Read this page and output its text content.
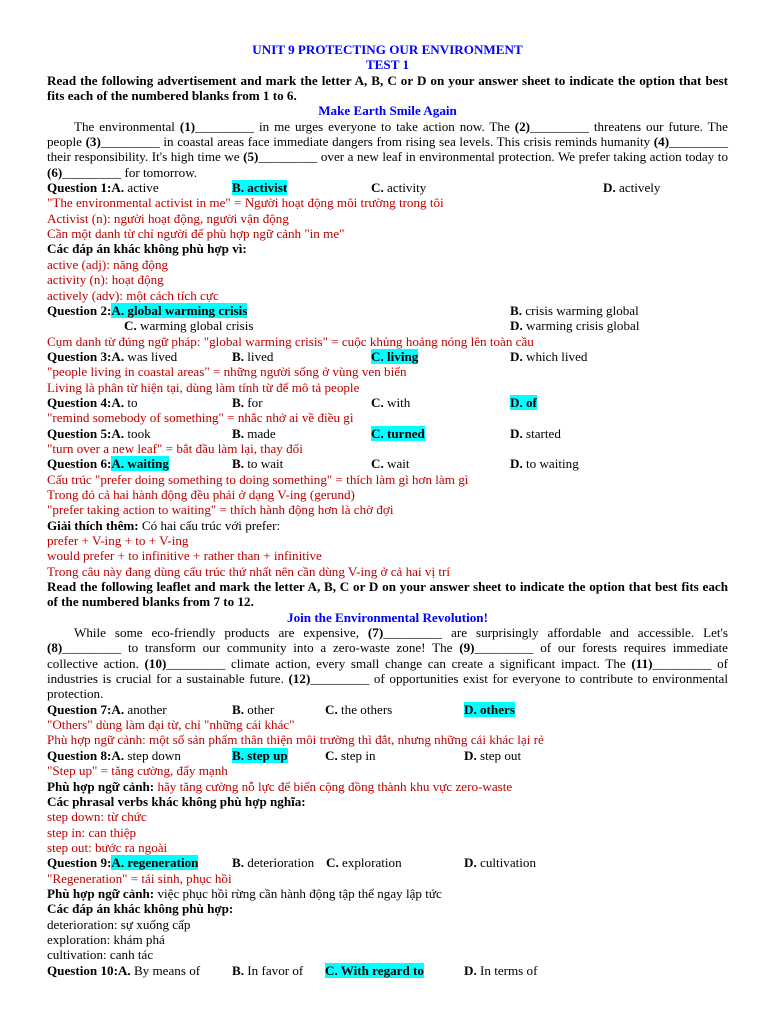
UNIT 9 PROTECTING OUR ENVIRONMENT
TEST 1

Read the following advertisement and mark the letter A, B, C or D on your answer sheet to indicate the option that best fits each of the numbered blanks from 1 to 6.

Make Earth Smile Again

The environmental (1)_________ in me urges everyone to take action now. The (2)_________ threatens our future. The people (3)_________ in coastal areas face immediate dangers from rising sea levels. This crisis reminds humanity (4)_________ their responsibility. It's high time we (5)_________ over a new leaf in environmental protection. We prefer taking action today to (6)_________ for tomorrow.

Question 1:A. active	B. activist	C. activity	D. actively
"The environmental activist in me" = Người hoạt động môi trường trong tôi
Activist (n): người hoạt động, người vận động
Cần một danh từ chỉ người để phù hợp ngữ cảnh "in me"
Các đáp án khác không phù hợp vì:
active (adj): năng động
activity (n): hoạt động
actively (adv): một cách tích cực
Question 2:A. global warming crisis	B. crisis warming global
C. warming global crisis	D. warming crisis global
Cụm danh từ đúng ngữ pháp: "global warming crisis" = cuộc khủng hoảng nóng lên toàn cầu
Question 3:A. was lived	B. lived	C. living	D. which lived
"people living in coastal areas" = những người sống ở vùng ven biển
Living là phân từ hiện tại, dùng làm tính từ để mô tả people
Question 4:A. to	B. for	C. with	D. of
"remind somebody of something" = nhắc nhở ai về điều gì
Question 5:A. took	B. made	C. turned	D. started
"turn over a new leaf" = bắt đầu làm lại, thay đổi
Question 6:A. waiting	B. to wait	C. wait	D. to waiting
Cấu trúc "prefer doing something to doing something" = thích làm gì hơn làm gì
Trong đó cả hai hành động đều phải ở dạng V-ing (gerund)
"prefer taking action to waiting" = thích hành động hơn là chờ đợi
Giải thích thêm: Có hai cấu trúc với prefer:
prefer + V-ing + to + V-ing
would prefer + to infinitive + rather than + infinitive
Trong câu này đang dùng cấu trúc thứ nhất nên cần dùng V-ing ở cả hai vị trí

Read the following leaflet and mark the letter A, B, C or D on your answer sheet to indicate the option that best fits each of the numbered blanks from 7 to 12.

Join the Environmental Revolution!

While some eco-friendly products are expensive, (7)_________ are surprisingly affordable and accessible. Let's (8)_________ to transform our community into a zero-waste zone! The (9)_________ of our forests requires immediate collective action. (10)_________ climate action, every small change can create a significant impact. The (11)_________ of industries is crucial for a sustainable future. (12)_________ of opportunities exist for everyone to contribute to environmental protection.

Question 7:A. another	B. other	C. the others	D. others
"Others" dùng làm đại từ, chỉ "những cái khác"
Phù hợp ngữ cảnh: một số sản phẩm thân thiện môi trường thì đắt, nhưng những cái khác lại rẻ
Question 8:A. step down	B. step up	C. step in	D. step out
"Step up" = tăng cường, đẩy mạnh
Phù hợp ngữ cảnh: hãy tăng cường nỗ lực để biến cộng đồng thành khu vực zero-waste
Các phrasal verbs khác không phù hợp nghĩa:
step down: từ chức
step in: can thiệp
step out: bước ra ngoài
Question 9:A. regeneration	B. deterioration C. exploration	D. cultivation
"Regeneration" = tái sinh, phục hồi
Phù hợp ngữ cảnh: việc phục hồi rừng cần hành động tập thể ngay lập tức
Các đáp án khác không phù hợp:
deterioration: sự xuống cấp
exploration: khám phá
cultivation: canh tác
Question 10:A. By means of B. In favor of C. With regard to	D. In terms of
